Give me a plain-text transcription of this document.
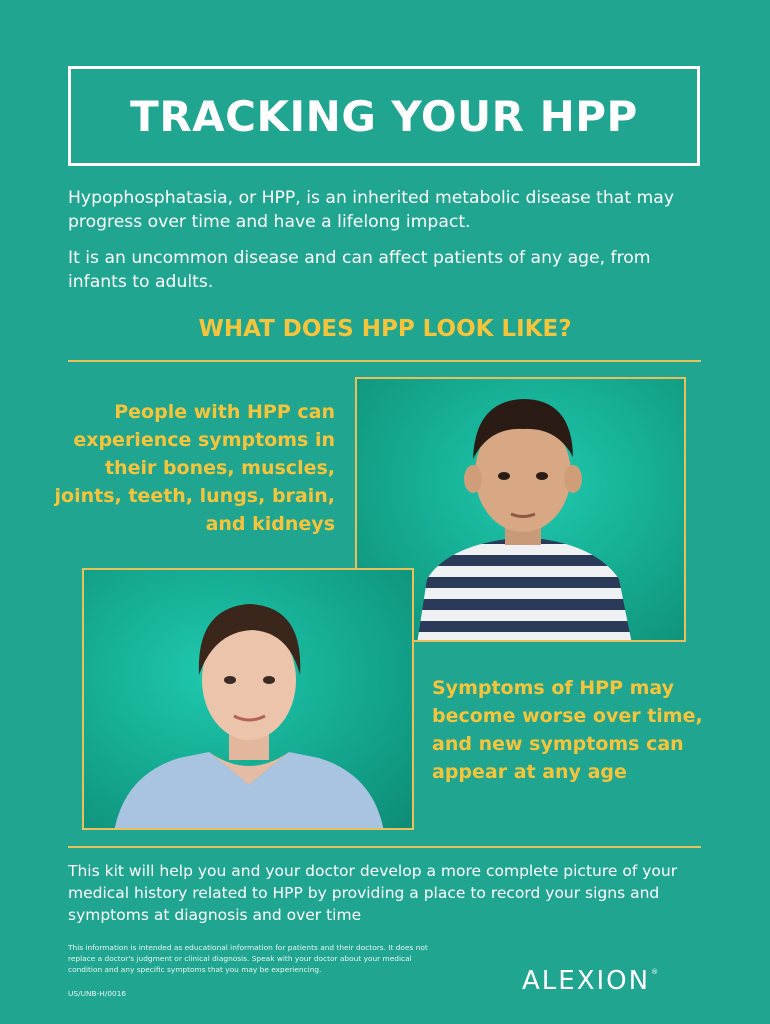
TRACKING YOUR HPP

Hypophosphatasia, or HPP, is an inherited metabolic disease that may progress over time and have a lifelong impact.

It is an uncommon disease and can affect patients of any age, from infants to adults.

WHAT DOES HPP LOOK LIKE?
People with HPP can experience symptoms in their bones, muscles, joints, teeth, lungs, brain, and kidneys
Symptoms of HPP may become worse over time, and new symptoms can appear at any age
This kit will help you and your doctor develop a more complete picture of your medical history related to HPP by providing a place to record your signs and symptoms at diagnosis and over time
This information is intended as educational information for patients and their doctors. It does not replace a doctor's judgment or clinical diagnosis. Speak with your doctor about your medical condition and any specific symptoms that you may be experiencing.
US/UNB-H/0016	ALEXION ®
